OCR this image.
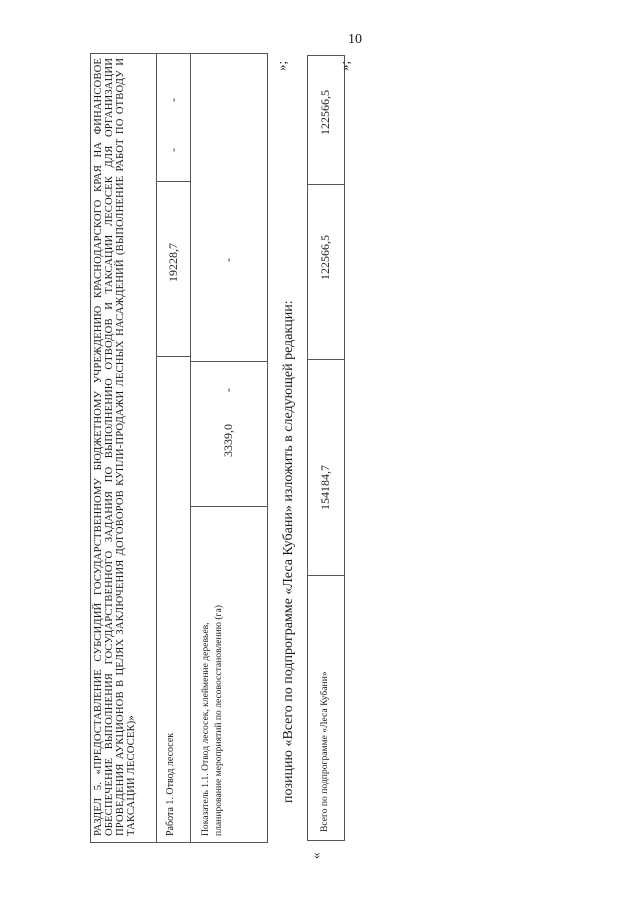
10
РАЗДЕЛ 5. «ПРЕДОСТАВЛЕНИЕ СУБСИДИЙ ГОСУДАРСТВЕННОМУ БЮДЖЕТНОМУ УЧРЕЖДЕНИЮ КРАСНОДАРСКОГО КРАЯ НА ФИНАНСОВОЕ ОБЕСПЕЧЕНИЕ ВЫПОЛНЕНИЯ ГОСУДАРСТВЕННОГО ЗАДАНИЯ ПО ВЫПОЛНЕНИЮ ОТВОДОВ И ТАКСАЦИИ ЛЕСОСЕК ДЛЯ ОРГАНИЗАЦИИ ПРОВЕДЕНИЯ АУКЦИОНОВ В ЦЕЛЯХ ЗАКЛЮЧЕНИЯ ДОГОВОРОВ КУПЛИ-ПРОДАЖИ ЛЕСНЫХ НАСАЖДЕНИЙ (ВЫПОЛНЕНИЕ РАБОТ ПО ОТВОДУ И ТАКСАЦИИ ЛЕСОСЕК)»	Работа 1. Отвод лесосек
19228,7
-
-
Показатель 1.1. Отвод лесосек, клеймение деревьев, планирование мероприятий по лесовосстановлению (га)
3339,0
-
-
»;
позицию «Всего по подпрограмме «Леса Кубани» изложить в следующей редакции:
«
Всего по подпрограмме «Леса Кубани»
154184,7
122566,5
122566,5
»;
